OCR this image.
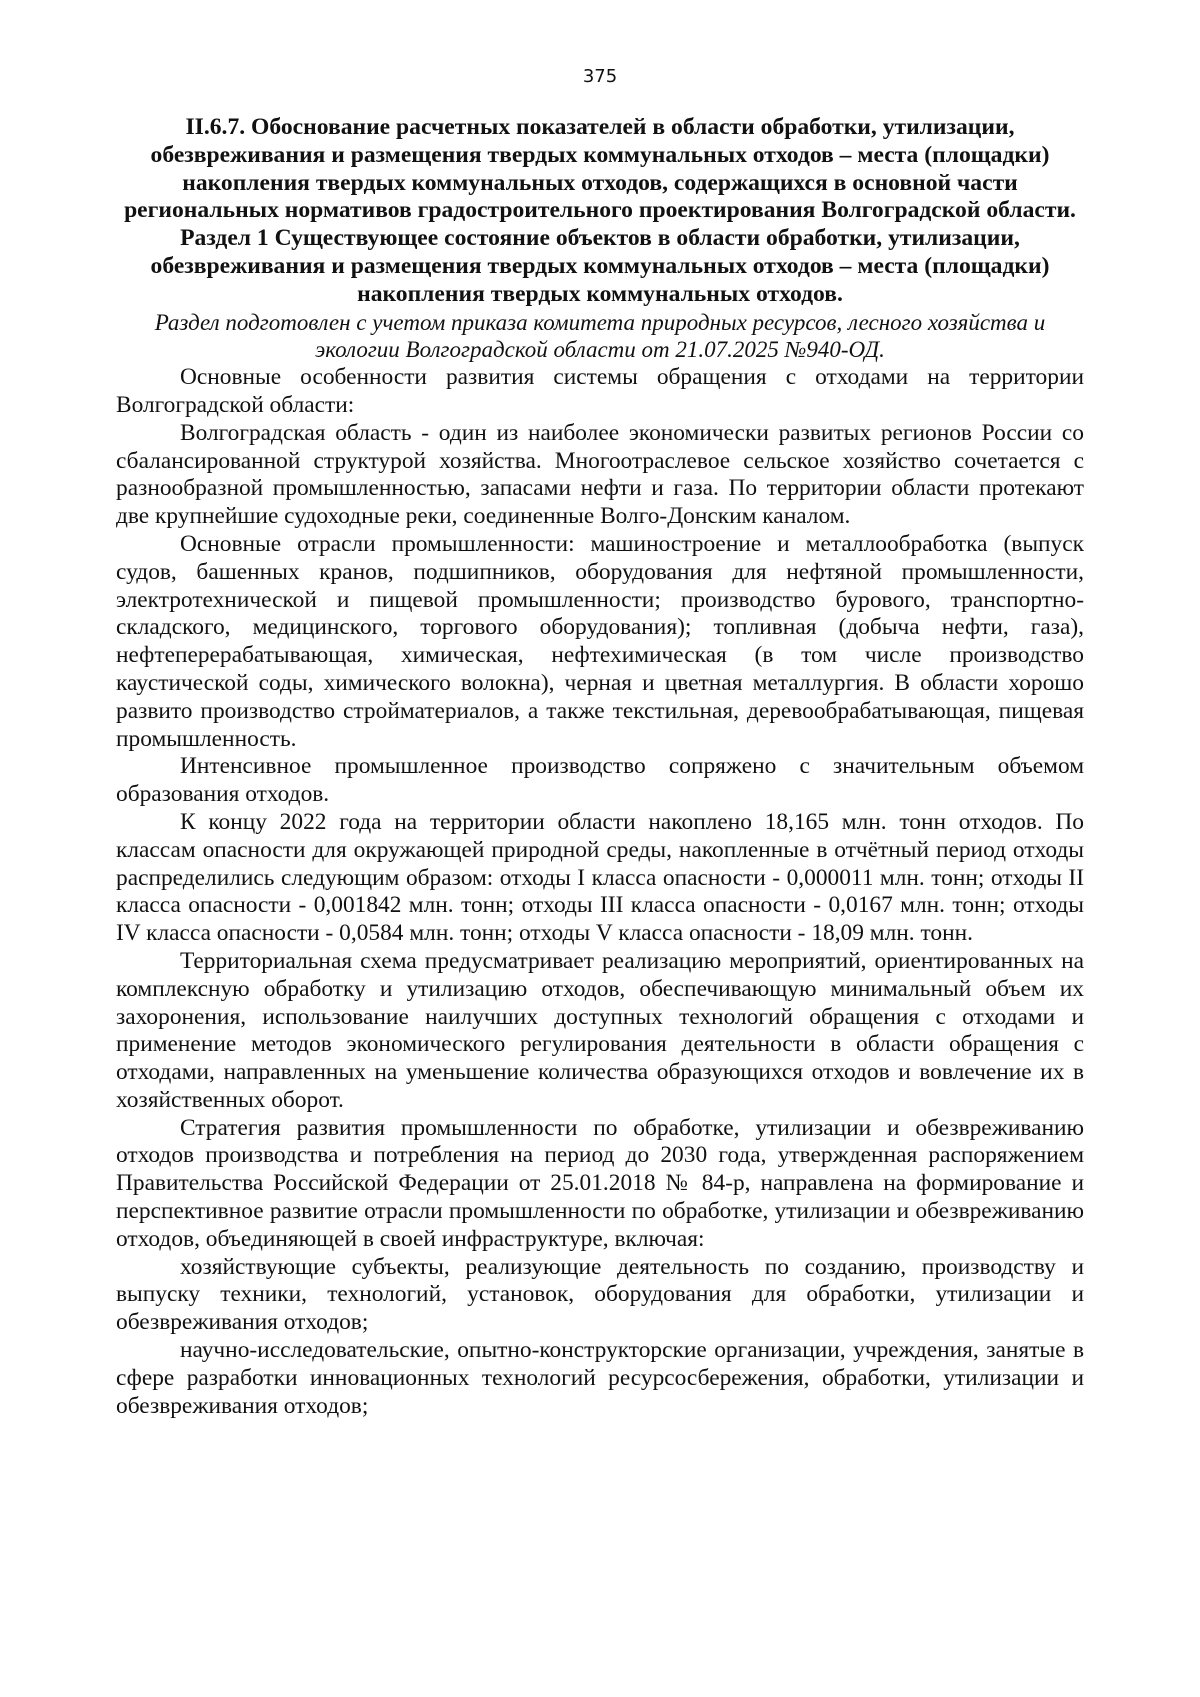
375

II.6.7. Обоснование расчетных показателей в области обработки, утилизации, обезвреживания и размещения твердых коммунальных отходов – места (площадки) накопления твердых коммунальных отходов, содержащихся в основной части региональных нормативов градостроительного проектирования Волгоградской области.

Раздел 1 Существующее состояние объектов в области обработки, утилизации, обезвреживания и размещения твердых коммунальных отходов – места (площадки) накопления твердых коммунальных отходов.

Раздел подготовлен с учетом приказа комитета природных ресурсов, лесного хозяйства и экологии Волгоградской области от 21.07.2025 №940-ОД.

Основные особенности развития системы обращения с отходами на территории Волгоградской области:

Волгоградская область - один из наиболее экономически развитых регионов России со сбалансированной структурой хозяйства. Многоотраслевое сельское хозяйство сочетается с разнообразной промышленностью, запасами нефти и газа. По территории области протекают две крупнейшие судоходные реки, соединенные Волго-Донским каналом.

Основные отрасли промышленности: машиностроение и металлообработка (выпуск судов, башенных кранов, подшипников, оборудования для нефтяной промышленности, электротехнической и пищевой промышленности; производство бурового, транспортно-складского, медицинского, торгового оборудования); топливная (добыча нефти, газа), нефтеперерабатывающая, химическая, нефтехимическая (в том числе производство каустической соды, химического волокна), черная и цветная металлургия. В области хорошо развито производство стройматериалов, а также текстильная, деревообрабатывающая, пищевая промышленность.

Интенсивное промышленное производство сопряжено с значительным объемом образования отходов.

К концу 2022 года на территории области накоплено 18,165 млн. тонн отходов. По классам опасности для окружающей природной среды, накопленные в отчётный период отходы распределились следующим образом: отходы I класса опасности - 0,000011 млн. тонн; отходы II класса опасности - 0,001842 млн. тонн; отходы III класса опасности - 0,0167 млн. тонн; отходы IV класса опасности - 0,0584 млн. тонн; отходы V класса опасности - 18,09 млн. тонн.

Территориальная схема предусматривает реализацию мероприятий, ориентированных на комплексную обработку и утилизацию отходов, обеспечивающую минимальный объем их захоронения, использование наилучших доступных технологий обращения с отходами и применение методов экономического регулирования деятельности в области обращения с отходами, направленных на уменьшение количества образующихся отходов и вовлечение их в хозяйственных оборот.

Стратегия развития промышленности по обработке, утилизации и обезвреживанию отходов производства и потребления на период до 2030 года, утвержденная распоряжением Правительства Российской Федерации от 25.01.2018 № 84-р, направлена на формирование и перспективное развитие отрасли промышленности по обработке, утилизации и обезвреживанию отходов, объединяющей в своей инфраструктуре, включая:

хозяйствующие субъекты, реализующие деятельность по созданию, производству и выпуску техники, технологий, установок, оборудования для обработки, утилизации и обезвреживания отходов;

научно-исследовательские, опытно-конструкторские организации, учреждения, занятые в сфере разработки инновационных технологий ресурсосбережения, обработки, утилизации и обезвреживания отходов;
